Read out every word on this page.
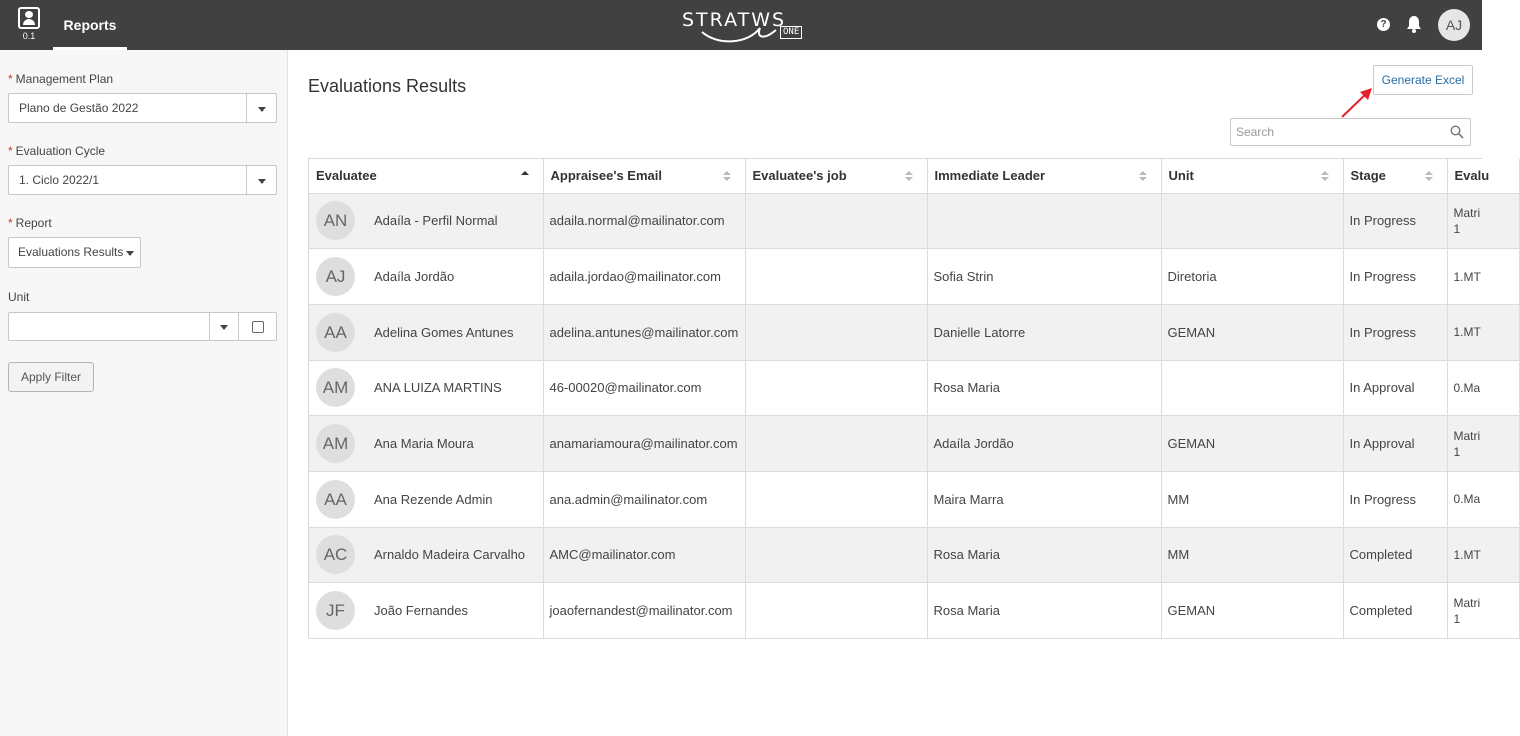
0.1
Reports	STRATWS
ONE
?	AJ
* Management Plan
Plano de Gestão 2022
* Evaluation Cycle
1. Ciclo 2022/1
* Report
Evaluations Results
Unit
Apply Filter
Evaluations Results	Generate Excel
Search
Evaluatee	Appraisee's Email	Evaluatee's job	Immediate Leader	Unit	Stage	Evalu

AN Adaíla - Perfil Normal	adaila.normal@mailinator.com				In Progress	Matri
1

AJ Adaíla Jordão	adaila.jordao@mailinator.com		Sofia Strin	Diretoria	In Progress	1.MT

AA Adelina Gomes Antunes	adelina.antunes@mailinator.com		Danielle Latorre	GEMAN	In Progress	1.MT

AM ANA LUIZA MARTINS	46-00020@mailinator.com		Rosa Maria		In Approval	0.Ma

AM Ana Maria Moura	anamariamoura@mailinator.com		Adaíla Jordão	GEMAN	In Approval	Matri
1

AA Ana Rezende Admin	ana.admin@mailinator.com		Maira Marra	MM	In Progress	0.Ma

AC Arnaldo Madeira Carvalho	AMC@mailinator.com		Rosa Maria	MM	Completed	1.MT

JF João Fernandes	joaofernandest@mailinator.com		Rosa Maria	GEMAN	Completed	Matri
1
